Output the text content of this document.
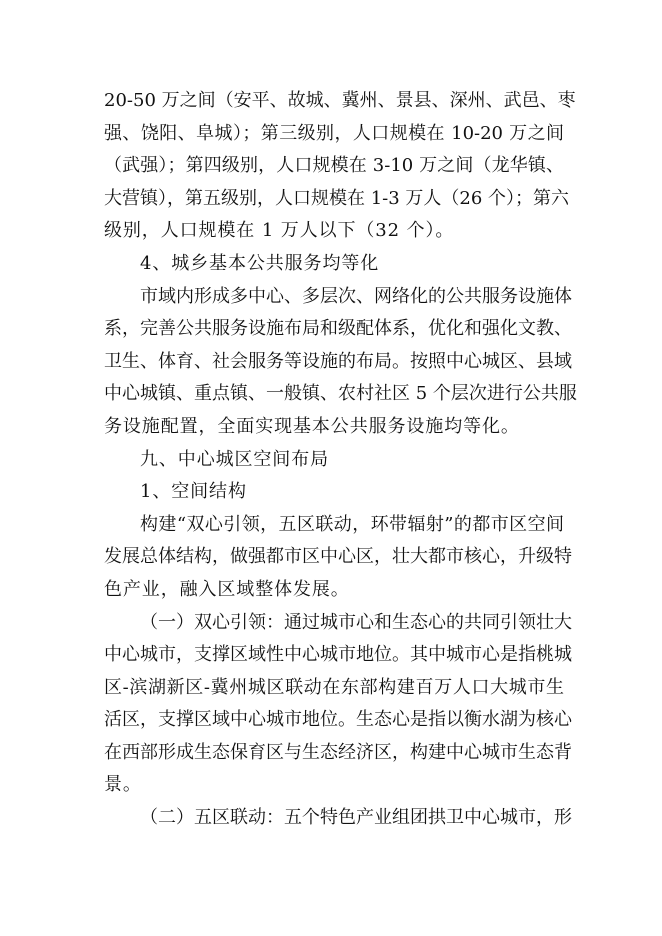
20-50 万之间（安平、故城、冀州、景县、深州、武邑、枣
强、饶阳、阜城）；第三级别，人口规模在 10-20 万之间
（武强）；第四级别，人口规模在 3-10 万之间（龙华镇、
大营镇），第五级别，人口规模在 1-3 万人（26 个）；第六
级别，人口规模在 1 万人以下（32 个）。
4、城乡基本公共服务均等化
市域内形成多中心、多层次、网络化的公共服务设施体
系，完善公共服务设施布局和级配体系，优化和强化文教、
卫生、体育、社会服务等设施的布局。按照中心城区、县域
中心城镇、重点镇、一般镇、农村社区 5 个层次进行公共服
务设施配置，全面实现基本公共服务设施均等化。
九、中心城区空间布局
1、空间结构
构建“双心引领，五区联动，环带辐射”的都市区空间
发展总体结构，做强都市区中心区，壮大都市核心，升级特
色产业，融入区域整体发展。
（一）双心引领：通过城市心和生态心的共同引领壮大
中心城市，支撑区域性中心城市地位。其中城市心是指桃城
区-滨湖新区-冀州城区联动在东部构建百万人口大城市生
活区，支撑区域中心城市地位。生态心是指以衡水湖为核心
在西部形成生态保育区与生态经济区，构建中心城市生态背
景。
（二）五区联动：五个特色产业组团拱卫中心城市，形
